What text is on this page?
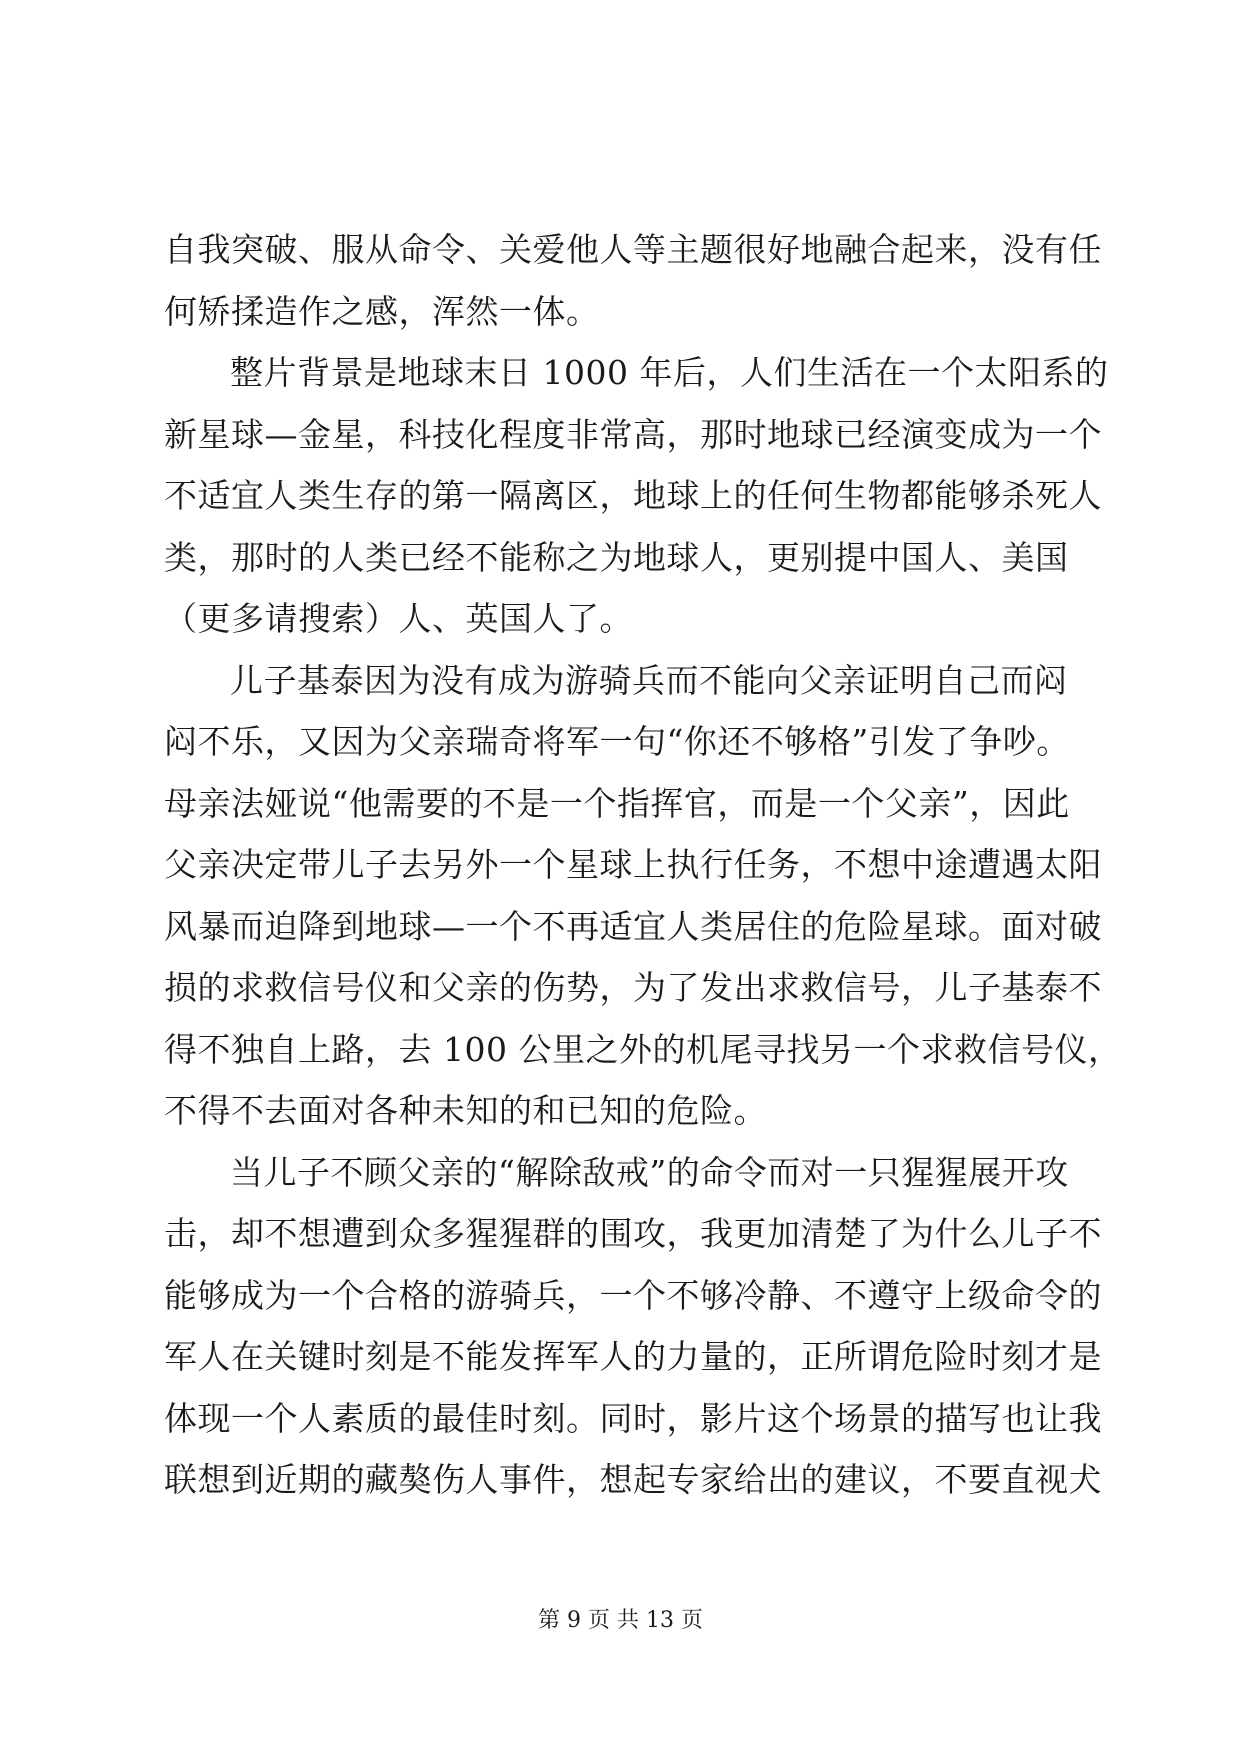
自我突破、服从命令、关爱他人等主题很好地融合起来，没有任
何矫揉造作之感，浑然一体。
整片背景是地球末日 1000 年后，人们生活在一个太阳系的
新星球—金星，科技化程度非常高，那时地球已经演变成为一个
不适宜人类生存的第一隔离区，地球上的任何生物都能够杀死人
类，那时的人类已经不能称之为地球人，更别提中国人、美国
（更多请搜索）人、英国人了。
儿子基泰因为没有成为游骑兵而不能向父亲证明自己而闷
闷不乐，又因为父亲瑞奇将军一句“你还不够格”引发了争吵。
母亲法娅说“他需要的不是一个指挥官，而是一个父亲”，因此
父亲决定带儿子去另外一个星球上执行任务，不想中途遭遇太阳
风暴而迫降到地球—一个不再适宜人类居住的危险星球。面对破
损的求救信号仪和父亲的伤势，为了发出求救信号，儿子基泰不
得不独自上路，去 100 公里之外的机尾寻找另一个求救信号仪，
不得不去面对各种未知的和已知的危险。
当儿子不顾父亲的“解除敌戒”的命令而对一只猩猩展开攻
击，却不想遭到众多猩猩群的围攻，我更加清楚了为什么儿子不
能够成为一个合格的游骑兵，一个不够冷静、不遵守上级命令的
军人在关键时刻是不能发挥军人的力量的，正所谓危险时刻才是
体现一个人素质的最佳时刻。同时，影片这个场景的描写也让我
联想到近期的藏獒伤人事件，想起专家给出的建议，不要直视犬
第 9 页 共 13 页
